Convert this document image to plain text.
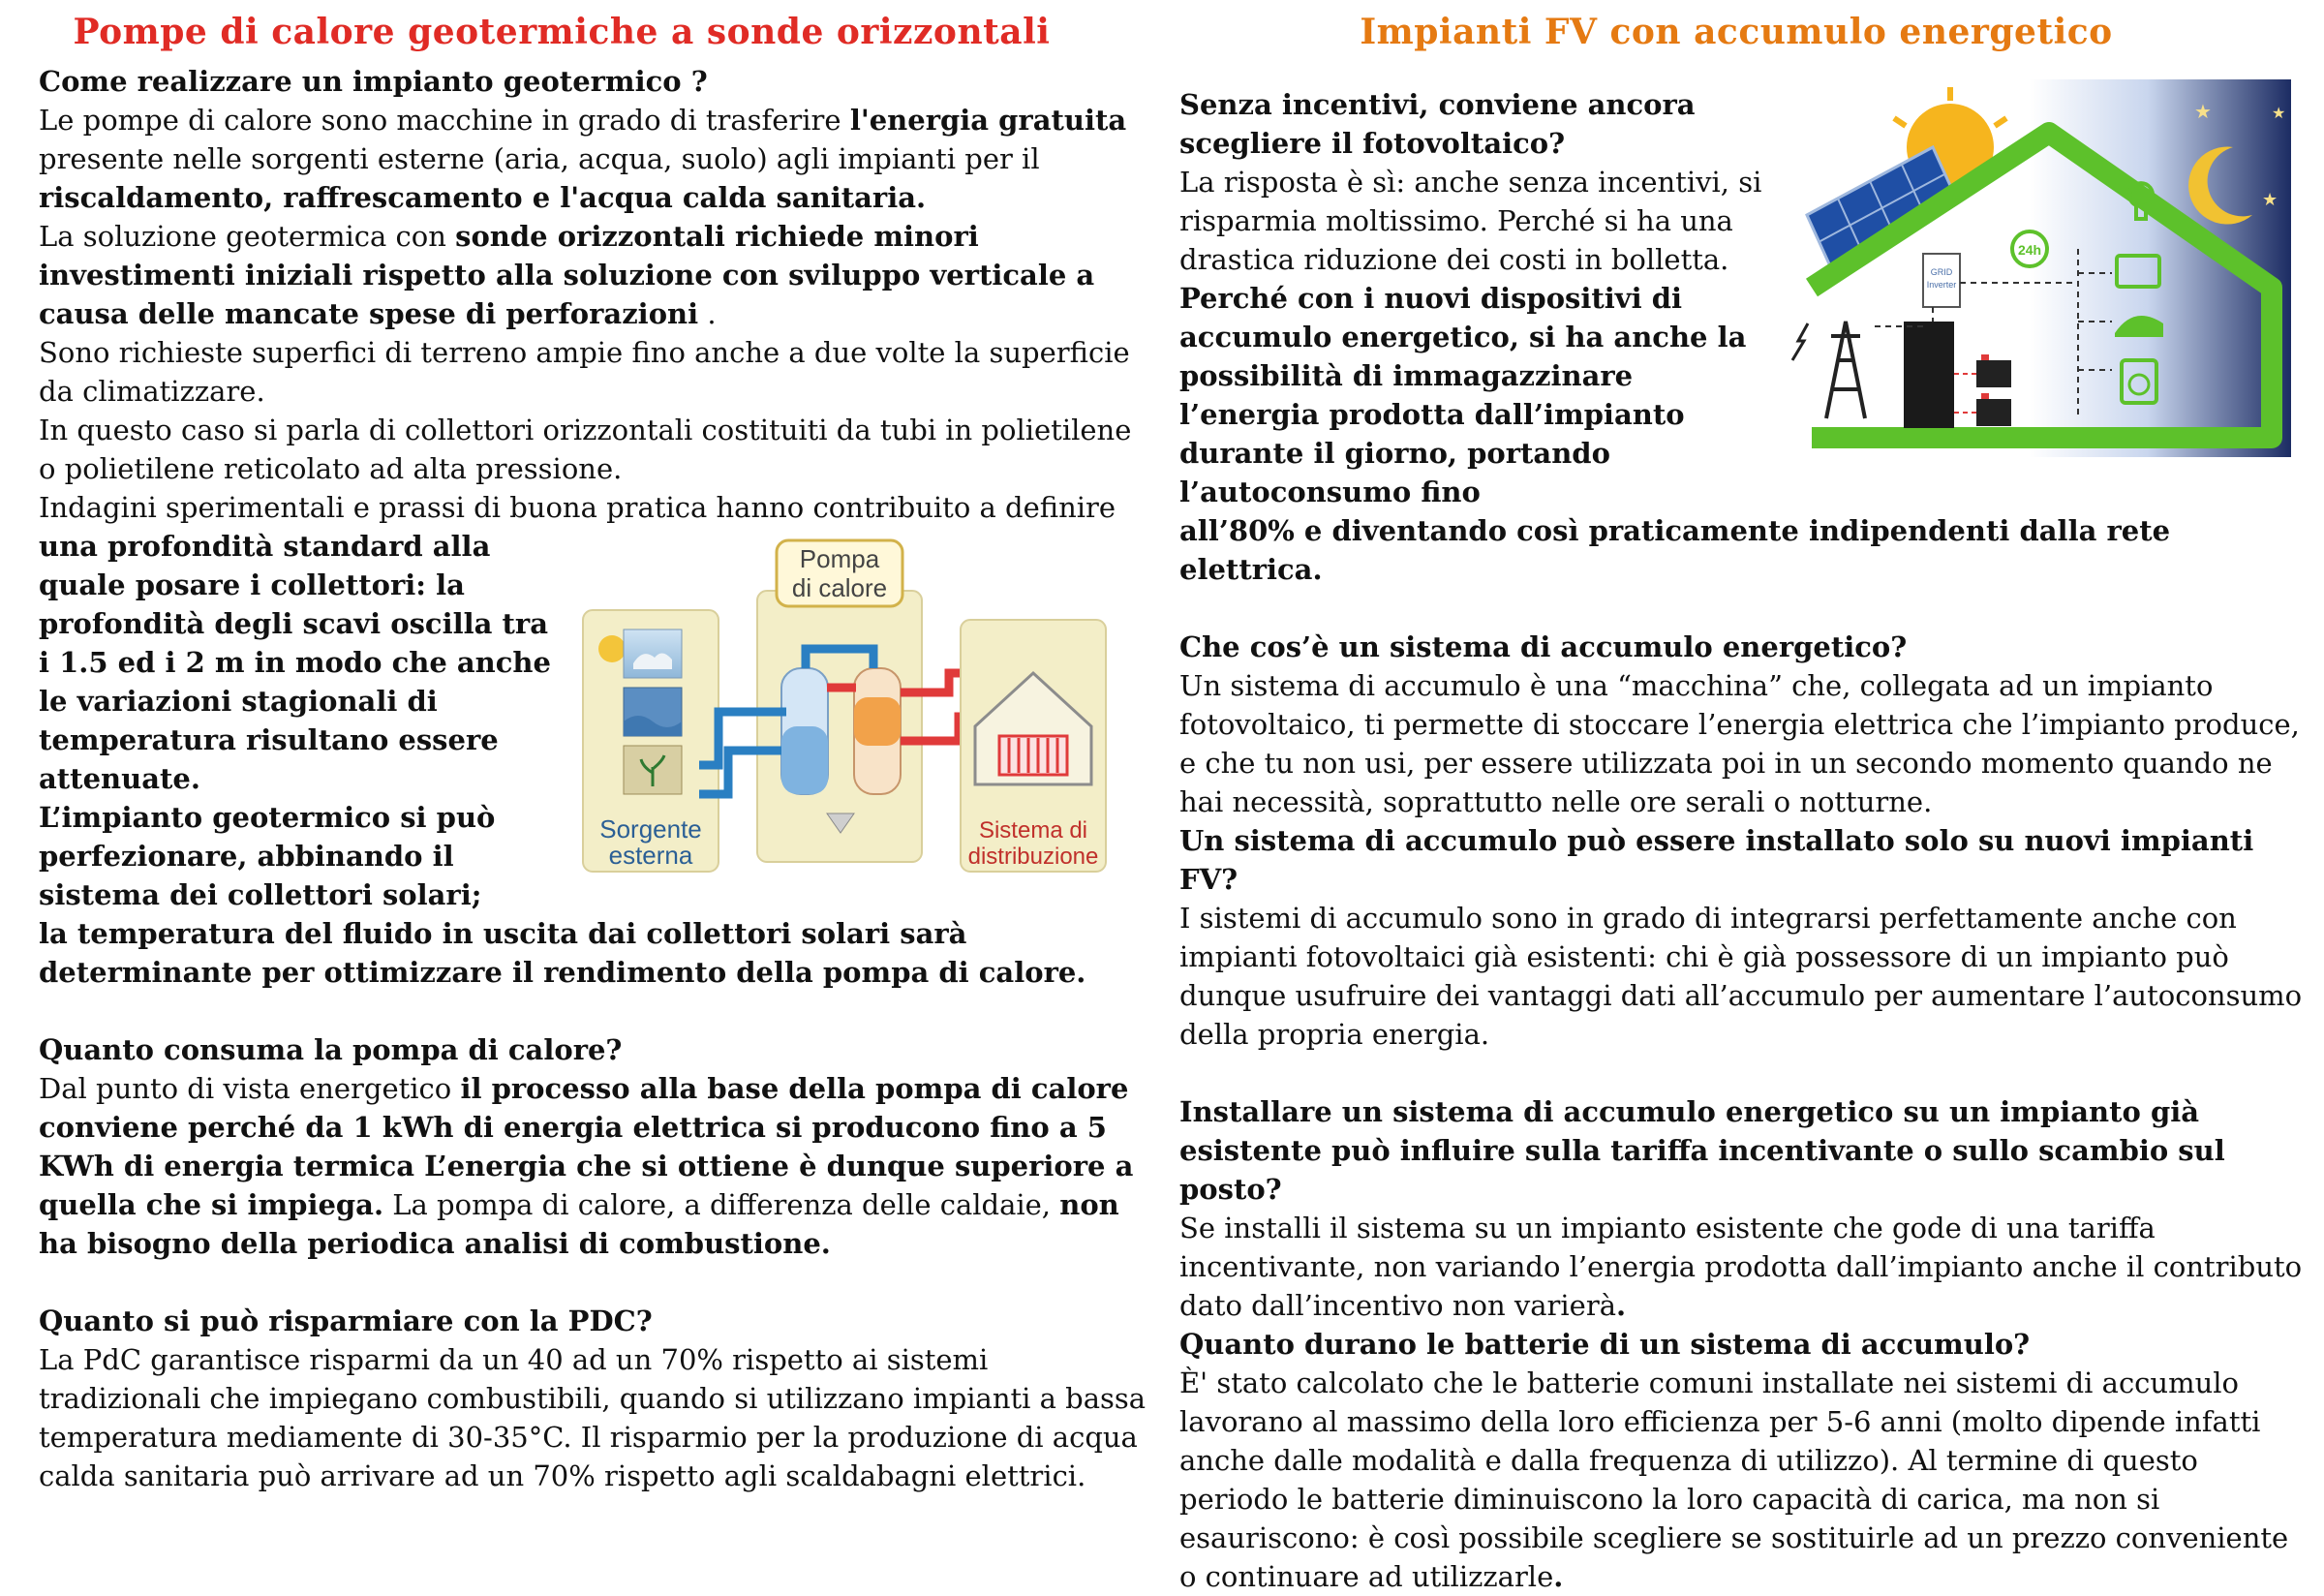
Pompe di calore geotermiche a sonde orizzontali
Come realizzare un impianto geotermico ?

Le pompe di calore sono macchine in grado di trasferire l'energia gratuita presente nelle sorgenti esterne (aria, acqua, suolo) agli impianti per il riscaldamento, raffrescamento e l'acqua calda sanitaria.

La soluzione geotermica con sonde orizzontali richiede minori investimenti iniziali rispetto alla soluzione con sviluppo verticale a causa delle mancate spese di perforazioni .

Sono richieste superfici di terreno ampie fino anche a due volte la superficie da climatizzare.

In questo caso si parla di collettori orizzontali costituiti da tubi in polietilene o polietilene reticolato ad alta pressione.

Indagini sperimentali e prassi di buona pratica hanno contribuito a definire

una profondità standard alla quale posare i collettori: la profondità degli scavi oscilla tra i 1.5 ed i 2 m in modo che anche le variazioni stagionali di temperatura risultano essere attenuate.

L’impianto geotermico si può perfezionare, abbinando il sistema dei collettori solari;

Sorgente
esterna
Pompa
di calore
Sistema di
distribuzione

la temperatura del fluido in uscita dai collettori solari sarà determinante per ottimizzare il rendimento della pompa di calore.

Quanto consuma la pompa di calore?

Dal punto di vista energetico il processo alla base della pompa di calore conviene perché da 1 kWh di energia elettrica si producono fino a 5 KWh di energia termica L’energia che si ottiene è dunque superiore a quella che si impiega. La pompa di calore, a differenza delle caldaie, non ha bisogno della periodica analisi di combustione.

Quanto si può risparmiare con la PDC?

La PdC garantisce risparmi da un 40 ad un 70% rispetto ai sistemi tradizionali che impiegano combustibili, quando si utilizzano impianti a bassa temperatura mediamente di 30-35°C. Il risparmio per la produzione di acqua calda sanitaria può arrivare ad un 70% rispetto agli scaldabagni elettrici.

Impianti FV con accumulo energetico
Senza incentivi, conviene ancora scegliere il fotovoltaico?

La risposta è sì: anche senza incentivi, si risparmia moltissimo. Perché si ha una drastica riduzione dei costi in bolletta.

Perché con i nuovi dispositivi di accumulo energetico, si ha anche la possibilità di immagazzinare l’energia prodotta dall’impianto durante il giorno, portando l’autoconsumo fino

★
★
★
GRID
Inverter
24h

all’80% e diventando così praticamente indipendenti dalla rete elettrica.

Che cos’è un sistema di accumulo energetico?

Un sistema di accumulo è una “macchina” che, collegata ad un impianto fotovoltaico, ti permette di stoccare l’energia elettrica che l’impianto produce, e che tu non usi, per essere utilizzata poi in un secondo momento quando ne hai necessità, soprattutto nelle ore serali o notturne.

Un sistema di accumulo può essere installato solo su nuovi impianti FV?

I sistemi di accumulo sono in grado di integrarsi perfettamente anche con impianti fotovoltaici già esistenti: chi è già possessore di un impianto può dunque usufruire dei vantaggi dati all’accumulo per aumentare l’autoconsumo della propria energia.

Installare un sistema di accumulo energetico su un impianto già esistente può influire sulla tariffa incentivante o sullo scambio sul posto?

Se installi il sistema su un impianto esistente che gode di una tariffa incentivante, non variando l’energia prodotta dall’impianto anche il contributo dato dall’incentivo non varierà.

Quanto durano le batterie di un sistema di accumulo?

È' stato calcolato che le batterie comuni installate nei sistemi di accumulo lavorano al massimo della loro efficienza per 5-6 anni (molto dipende infatti anche dalle modalità e dalla frequenza di utilizzo). Al termine di questo periodo le batterie diminuiscono la loro capacità di carica, ma non si esauriscono: è così possibile scegliere se sostituirle ad un prezzo conveniente o continuare ad utilizzarle.
